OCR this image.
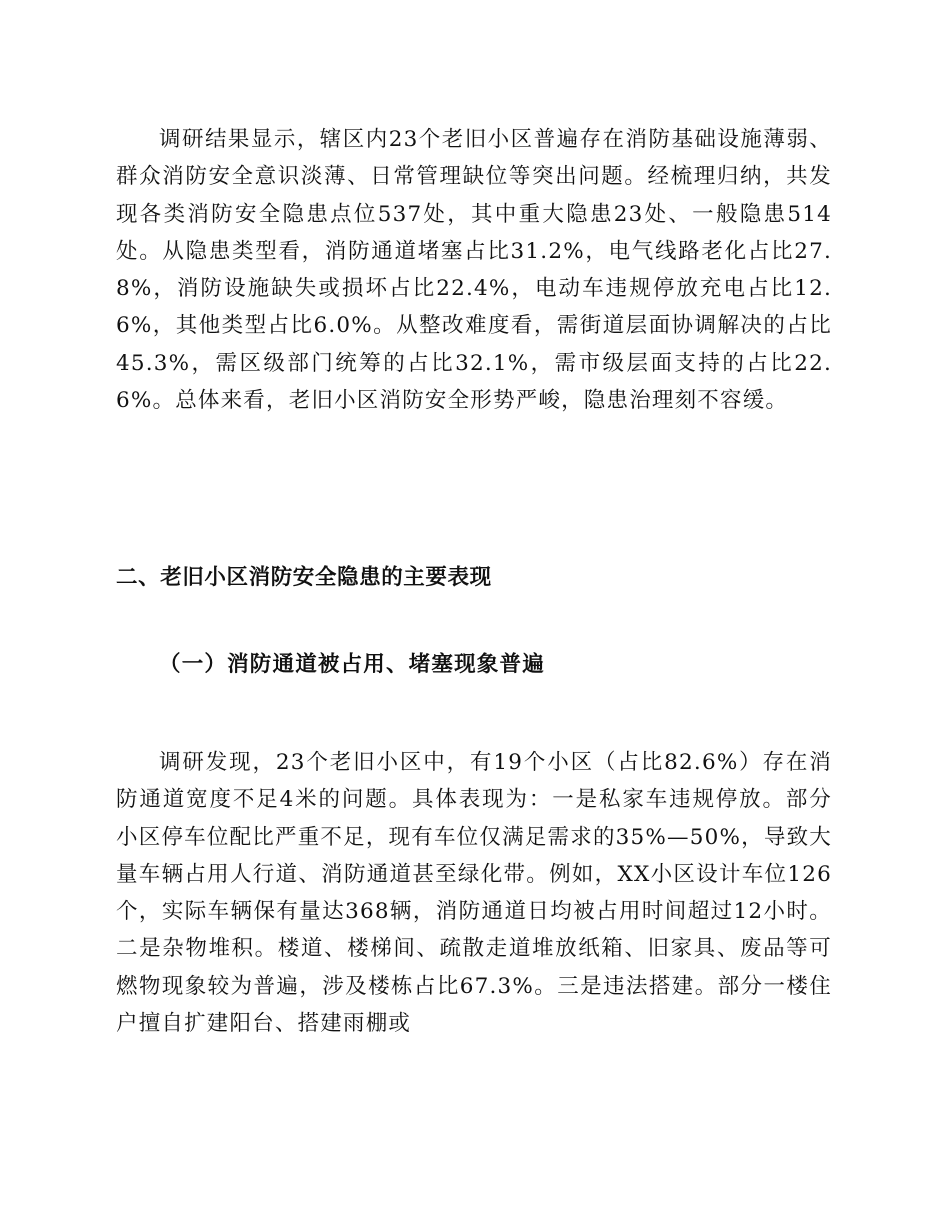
调研结果显示，辖区内23个老旧小区普遍存在消防基础设施薄弱、群众消防安全意识淡薄、日常管理缺位等突出问题。经梳理归纳，共发现各类消防安全隐患点位537处，其中重大隐患23处、一般隐患514处。从隐患类型看，消防通道堵塞占比31.2%，电气线路老化占比27.8%，消防设施缺失或损坏占比22.4%，电动车违规停放充电占比12.6%，其他类型占比6.0%。从整改难度看，需街道层面协调解决的占比45.3%，需区级部门统筹的占比32.1%，需市级层面支持的占比22.6%。总体来看，老旧小区消防安全形势严峻，隐患治理刻不容缓。

二、老旧小区消防安全隐患的主要表现
（一）消防通道被占用、堵塞现象普遍

调研发现，23个老旧小区中，有19个小区（占比82.6%）存在消防通道宽度不足4米的问题。具体表现为：一是私家车违规停放。部分小区停车位配比严重不足，现有车位仅满足需求的35%—50%，导致大量车辆占用人行道、消防通道甚至绿化带。例如，XX小区设计车位126个，实际车辆保有量达368辆，消防通道日均被占用时间超过12小时。二是杂物堆积。楼道、楼梯间、疏散走道堆放纸箱、旧家具、废品等可燃物现象较为普遍，涉及楼栋占比67.3%。三是违法搭建。部分一楼住户擅自扩建阳台、搭建雨棚或
